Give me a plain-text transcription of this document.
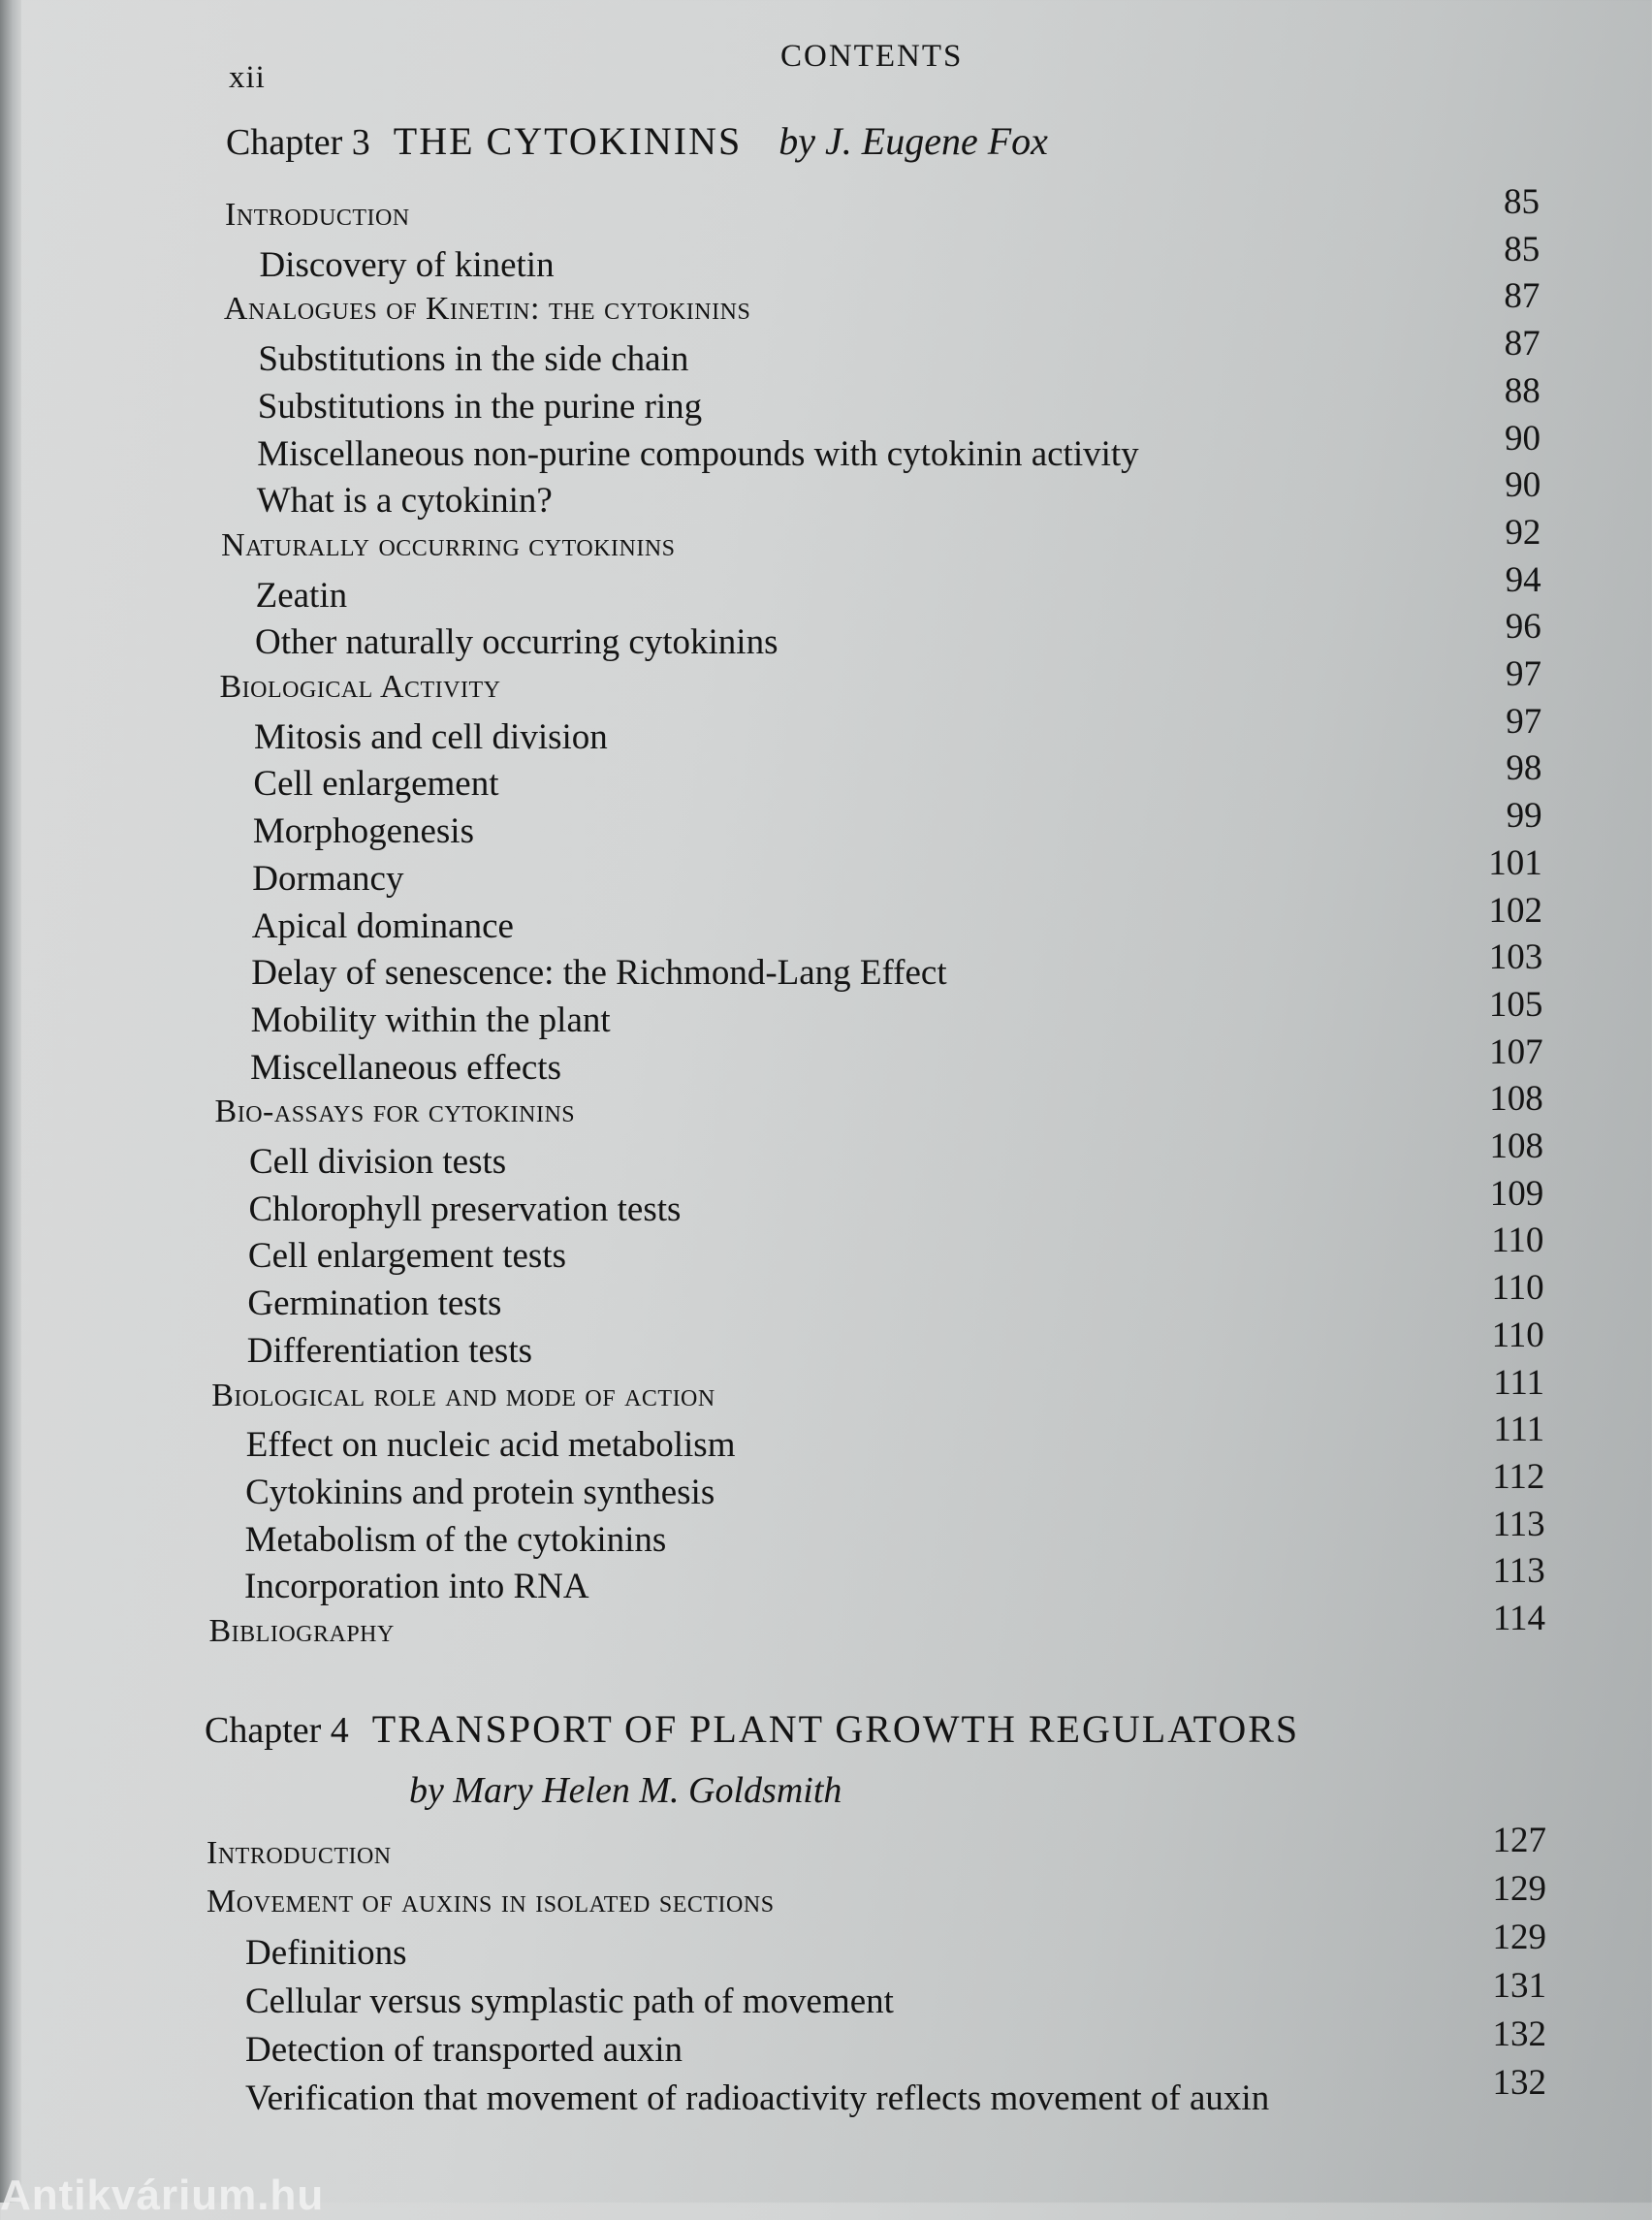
xii
CONTENTS
Chapter 3 THE CYTOKININS by J. Eugene Fox
Introduction	85
Discovery of kinetin	85
Analogues of Kinetin: the cytokinins	87
Substitutions in the side chain	87
Substitutions in the purine ring	88
Miscellaneous non-purine compounds with cytokinin activity	90
What is a cytokinin?	90
Naturally occurring cytokinins	92
Zeatin	94
Other naturally occurring cytokinins	96
Biological Activity	97
Mitosis and cell division	97
Cell enlargement	98
Morphogenesis	99
Dormancy	101
Apical dominance	102
Delay of senescence: the Richmond-Lang Effect	103
Mobility within the plant	105
Miscellaneous effects	107
Bio-assays for cytokinins	108
Cell division tests	108
Chlorophyll preservation tests	109
Cell enlargement tests	110
Germination tests	110
Differentiation tests	110
Biological role and mode of action	111
Effect on nucleic acid metabolism	111
Cytokinins and protein synthesis	112
Metabolism of the cytokinins	113
Incorporation into RNA	113
Bibliography	114
Chapter 4 TRANSPORT OF PLANT GROWTH REGULATORS
by Mary Helen M. Goldsmith
Introduction	127
Movement of auxins in isolated sections	129
Definitions	129
Cellular versus symplastic path of movement	131
Detection of transported auxin	132
Verification that movement of radioactivity reflects movement of auxin	132
Antikvárium.hu
